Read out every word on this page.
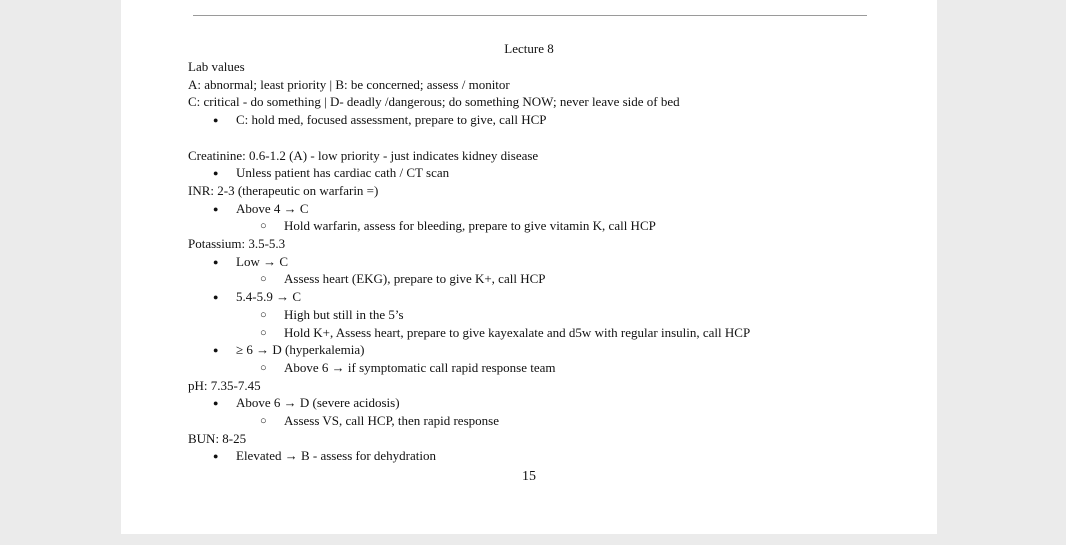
Lecture 8
Lab values
A: abnormal; least priority | B: be concerned; assess / monitor
C: critical - do something | D- deadly /dangerous; do something NOW; never leave side of bed
● C: hold med, focused assessment, prepare to give, call HCP
Creatinine: 0.6-1.2 (A) - low priority - just indicates kidney disease
● Unless patient has cardiac cath / CT scan
INR: 2-3 (therapeutic on warfarin =)
● Above 4 → C
○ Hold warfarin, assess for bleeding, prepare to give vitamin K, call HCP
Potassium: 3.5-5.3
● Low → C
○ Assess heart (EKG), prepare to give K+, call HCP
● 5.4-5.9 → C
○ High but still in the 5’s
○ Hold K+, Assess heart, prepare to give kayexalate and d5w with regular insulin, call HCP
● ≥ 6 → D (hyperkalemia)
○ Above 6 → if symptomatic call rapid response team
pH: 7.35-7.45
● Above 6 → D (severe acidosis)
○ Assess VS, call HCP, then rapid response
BUN: 8-25
● Elevated → B - assess for dehydration
15
